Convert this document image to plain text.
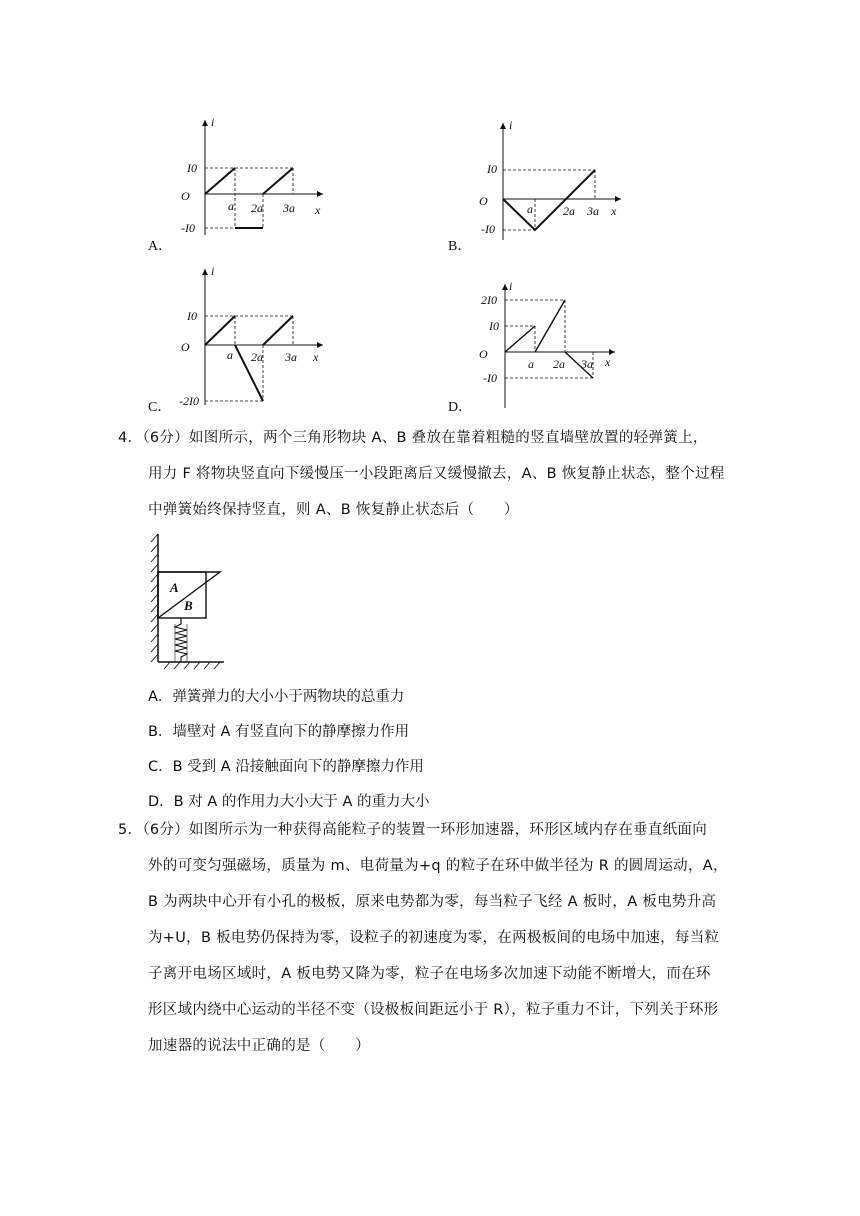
i
O
x
I0
-I0
a 2a 3a
A．
i
O
x
I0
-I0
a	2a 3a
B．
i
O
x
I0
-2I0
a 2a 3a
C．
i
O
x
2I0
I0
-I0
a 2a 3a
D．
4．（6分）如图所示，两个三角形物块 A、B 叠放在靠着粗糙的竖直墙壁放置的轻弹簧上，
用力 F 将物块竖直向下缓慢压一小段距离后又缓慢撤去，A、B 恢复静止状态，整个过程
中弹簧始终保持竖直，则 A、B 恢复静止状态后（　　）
A
B
A．弹簧弹力的大小小于两物块的总重力
B．墙壁对 A 有竖直向下的静摩擦力作用
C．B 受到 A 沿接触面向下的静摩擦力作用
D．B 对 A 的作用力大小大于 A 的重力大小
5．（6分）如图所示为一种获得高能粒子的装置一环形加速器，环形区域内存在垂直纸面向
外的可变匀强磁场，质量为 m、电荷量为+q 的粒子在环中做半径为 R 的圆周运动，A，
B 为两块中心开有小孔的极板，原来电势都为零，每当粒子飞经 A 板时，A 板电势升高
为+U，B 板电势仍保持为零，设粒子的初速度为零，在两极板间的电场中加速，每当粒
子离开电场区域时，A 板电势又降为零，粒子在电场多次加速下动能不断增大，而在环
形区域内绕中心运动的半径不变（设极板间距远小于 R），粒子重力不计，下列关于环形
加速器的说法中正确的是（　　）
